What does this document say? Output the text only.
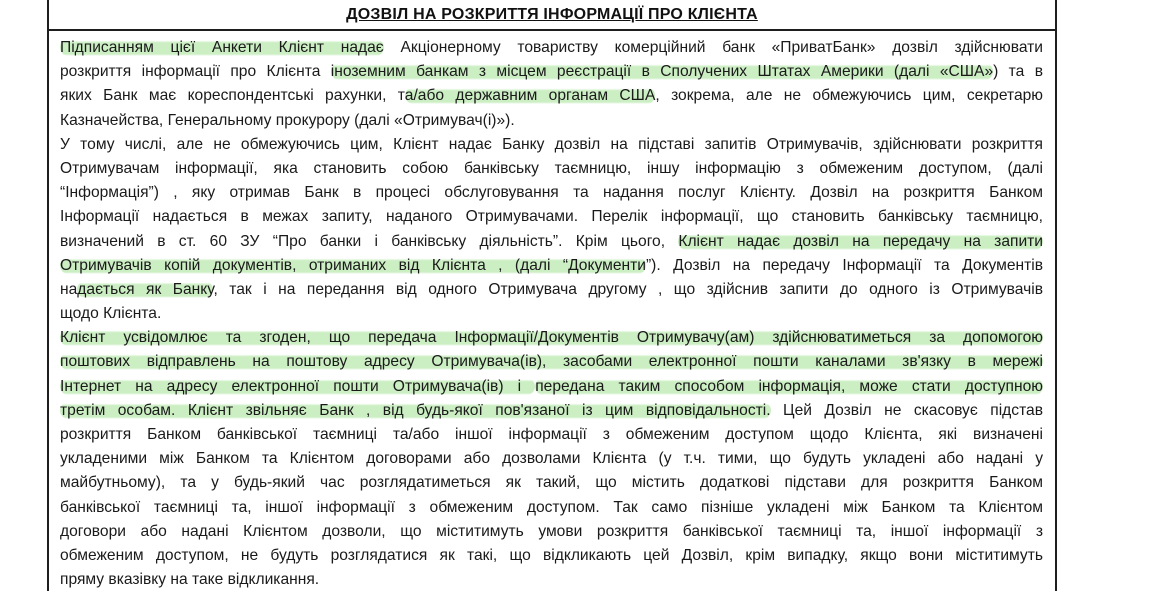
ДОЗВІЛ НА РОЗКРИТТЯ ІНФОРМАЦІЇ ПРО КЛІЄНТА
Підписанням цієї Анкети Клієнт надає Акціонерному товариству комерційний банк «ПриватБанк» дозвіл здійснювати
розкриття інформації про Клієнта іноземним банкам з місцем реєстрації в Сполучених Штатах Америки (далі «США») та в
яких Банк має кореспондентські рахунки, та/або державним органам США, зокрема, але не обмежуючись цим, секретарю
Казначейства, Генеральному прокурору (далі «Отримувач(і)»).
У тому числі, але не обмежуючись цим, Клієнт надає Банку дозвіл на підставі запитів Отримувачів, здійснювати розкриття
Отримувачам інформації, яка становить собою банківську таємницю, іншу інформацію з обмеженим доступом, (далі
“Інформація”) , яку отримав Банк в процесі обслуговування та надання послуг Клієнту. Дозвіл на розкриття Банком
Інформації надається в межах запиту, наданого Отримувачами. Перелік інформації, що становить банківську таємницю,
визначений в ст. 60 ЗУ “Про банки і банківську діяльність”. Крім цього, Клієнт надає дозвіл на передачу на запити
Отримувачів копій документів, отриманих від Клієнта , (далі “Документи”). Дозвіл на передачу Інформації та Документів
надається як Банку, так і на передання від одного Отримувача другому , що здійснив запити до одного із Отримувачів
щодо Клієнта.
Клієнт усвідомлює та згоден, що передача Інформації/Документів Отримувачу(ам) здійснюватиметься за допомогою
поштових відправлень на поштову адресу Отримувача(ів), засобами електронної пошти каналами зв'язку в мережі
Інтернет на адресу електронної пошти Отримувача(ів) і передана таким способом інформація, може стати доступною
третім особам. Клієнт звільняє Банк , від будь-якої пов'язаної із цим відповідальності. Цей Дозвіл не скасовує підстав
розкриття Банком банківської таємниці та/або іншої інформації з обмеженим доступом щодо Клієнта, які визначені
укладеними між Банком та Клієнтом договорами або дозволами Клієнта (у т.ч. тими, що будуть укладені або надані у
майбутньому), та у будь-який час розглядатиметься як такий, що містить додаткові підстави для розкриття Банком
банківської таємниці та, іншої інформації з обмеженим доступом. Так само пізніше укладені між Банком та Клієнтом
договори або надані Клієнтом дозволи, що міститимуть умови розкриття банківської таємниці та, іншої інформації з
обмеженим доступом, не будуть розглядатися як такі, що відкликають цей Дозвіл, крім випадку, якщо вони міститимуть
пряму вказівку на таке відкликання.
